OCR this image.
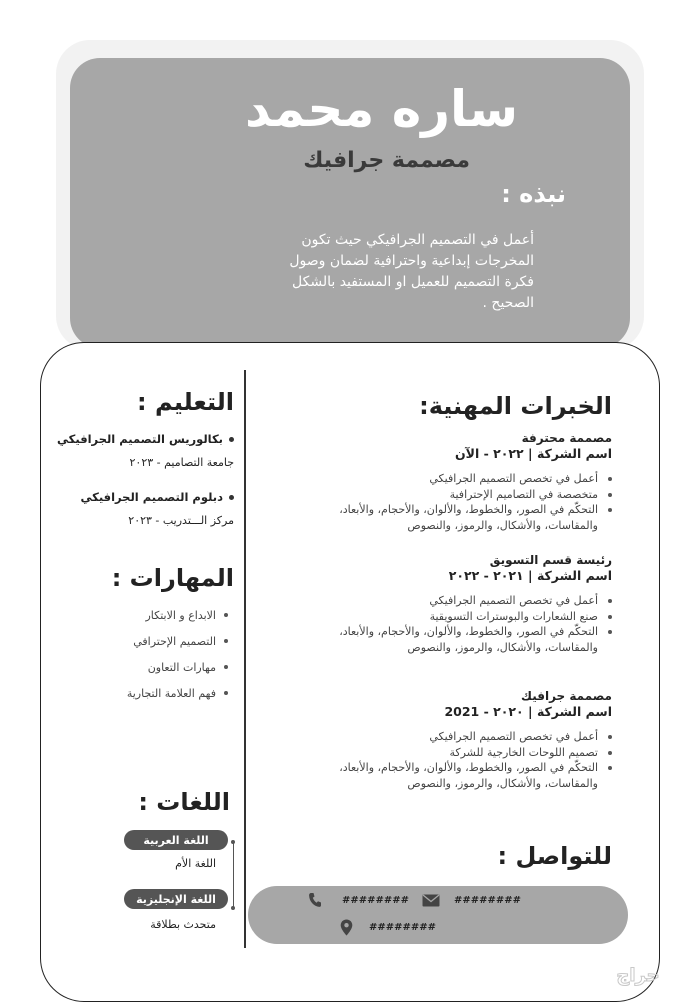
ساره محمد
مصممة جرافيك
نبذه :
أعمل في التصميم الجرافيكي حيث تكون المخرجات إبداعية واحترافية لضمان وصول فكرة التصميم للعميل او المستفيد بالشكل الصحيح .
التعليم :
بكالوريس التصميم الجرافيكي
جامعة التصاميم - ٢٠٢٣
دبلوم التصميم الجرافيكي
مركز الـــتدريب - ٢٠٢٣
المهارات :
الابداع و الابتكار
التصميم الإحترافي
مهارات التعاون
فهم العلامة التجارية
اللغات :
اللغة العربية
اللغة الأم
اللغة الإنجليزية
متحدث بطلاقة
الخبرات المهنية:
مصممة محترفة
اسم الشركة | ٢٠٢٢ - الآن
أعمل في تخصص التصميم الجرافيكي
متخصصة في التصاميم الإحترافية
التحكّم في الصور، والخطوط، والألوان، والأحجام، والأبعاد، والمقاسات، والأشكال، والرموز، والنصوص
رئيسة قسم التسويق
اسم الشركة | ٢٠٢١ - ٢٠٢٢
أعمل في تخصص التصميم الجرافيكي
صنع الشعارات والبوسترات التسويقية
التحكّم في الصور، والخطوط، والألوان، والأحجام، والأبعاد، والمقاسات، والأشكال، والرموز، والنصوص
مصممة جرافيك
اسم الشركة | ٢٠٢٠ - 2021
أعمل في تخصص التصميم الجرافيكي
تصميم اللوحات الخارجية للشركة
التحكّم في الصور، والخطوط، والألوان، والأحجام، والأبعاد، والمقاسات، والأشكال، والرموز، والنصوص
للتواصل :
########	########
########
حراج
